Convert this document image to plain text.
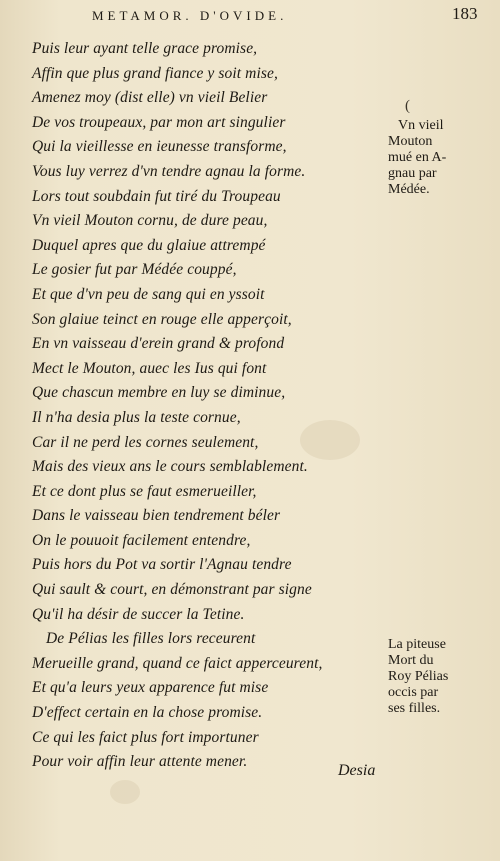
METAMOR. D'OVIDE.	183
Puis leur ayant telle grace promise,
Affin que plus grand fiance y soit mise,
Amenez moy (dist elle) vn vieil Belier
De vos troupeaux, par mon art singulier
Qui la vieillesse en ieunesse transforme,
Vous luy verrez d'vn tendre agnau la forme.
Lors tout soubdain fut tiré du Troupeau
Vn vieil Mouton cornu, de dure peau,
Duquel apres que du glaiue attrempé
Le gosier fut par Médée couppé,
Et que d'vn peu de sang qui en yssoit
Son glaiue teinct en rouge elle apperçoit,
En vn vaisseau d'erein grand & profond
Mect le Mouton, auec les Ius qui font
Que chascun membre en luy se diminue,
Il n'ha desia plus la teste cornue,
Car il ne perd les cornes seulement,
Mais des vieux ans le cours semblablement.
Et ce dont plus se faut esmerueiller,
Dans le vaisseau bien tendrement béler
On le pouuoit facilement entendre,
Puis hors du Pot va sortir l'Agnau tendre
Qui sault & court, en démonstrant par signe
Qu'il ha désir de succer la Tetine.
De Pélias les filles lors receurent
Merueille grand, quand ce faict apperceurent,
Et qu'a leurs yeux apparence fut mise
D'effect certain en la chose promise.
Ce qui les faict plus fort importuner
Pour voir affin leur attente mener.
(
Vn vieil
Mouton
mué en A-
gnau par
Médée.
La piteuse
Mort du
Roy Pélias
occis par
ses filles.
Desia
